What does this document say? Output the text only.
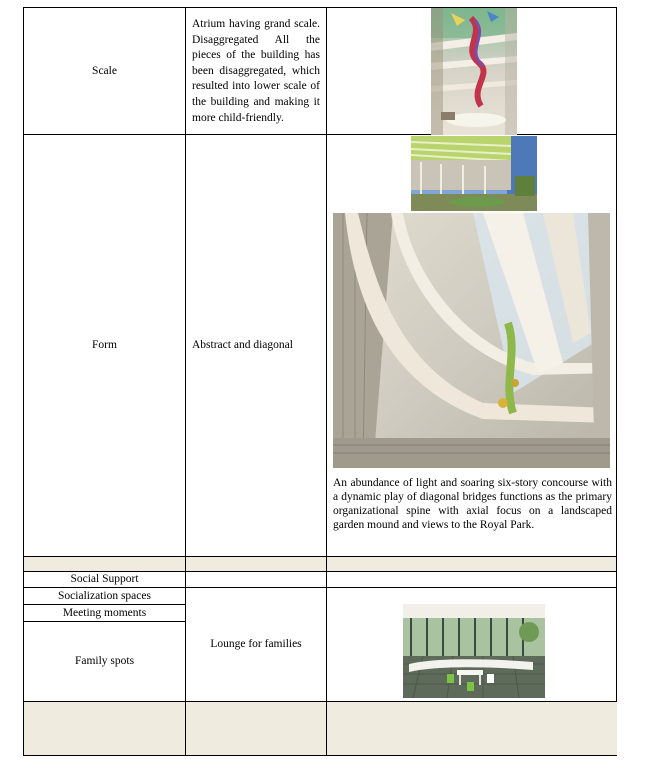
Scale
Atrium having grand scale. Disaggregated All the pieces of the building has been disaggregated, which resulted into lower scale of the building and making it more child-friendly.
Form	Abstract and diagonal
An abundance of light and soaring six-story concourse with a dynamic play of diagonal bridges functions as the primary organizational spine with axial focus on a landscaped garden mound and views to the Royal Park.
Social Support
Socialization spaces
Meeting moments
Family spots
Lounge for families
